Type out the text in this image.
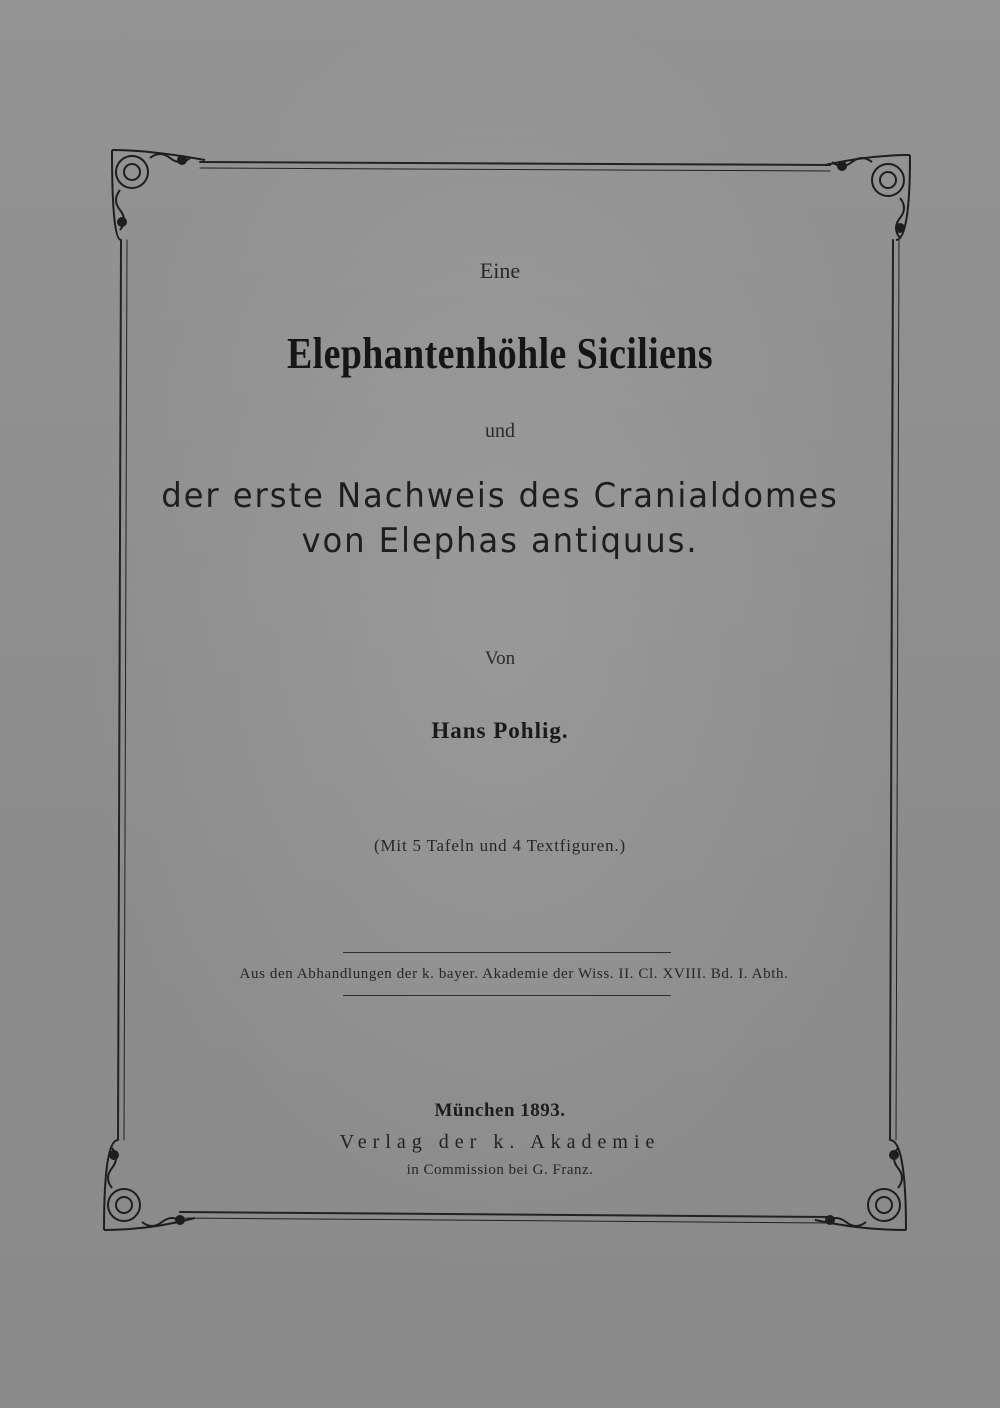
Eine
Elephantenhöhle Siciliens
und
der erste Nachweis des Cranialdomes
von Elephas antiquus.
Von
Hans Pohlig.
(Mit 5 Tafeln und 4 Textfiguren.)
Aus den Abhandlungen der k. bayer. Akademie der Wiss. II. Cl. XVIII. Bd. I. Abth.
München 1893.
Verlag der k. Akademie
in Commission bei G. Franz.
